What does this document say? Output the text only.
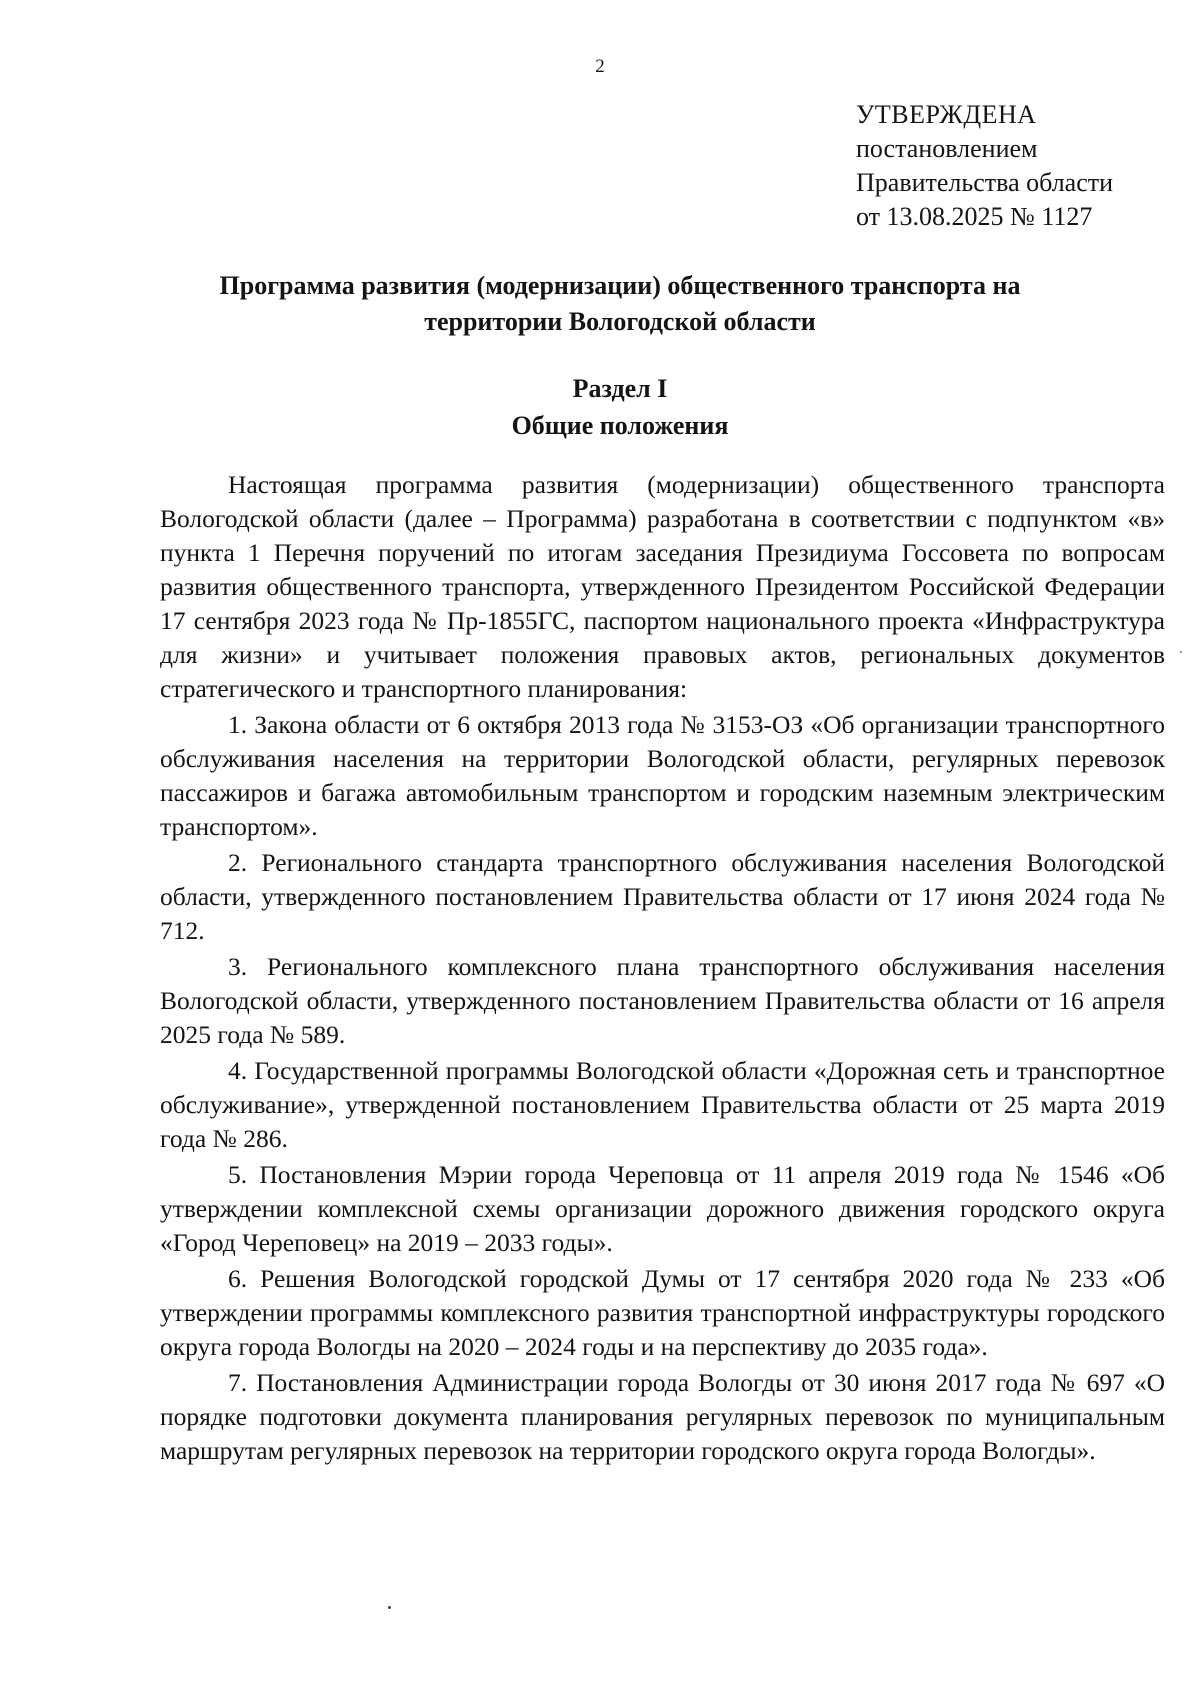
2
УТВЕРЖДЕНА
постановлением
Правительства области
от 13.08.2025 № 1127
Программа развития (модернизации) общественного транспорта на
территории Вологодской области
Раздел I
Общие положения

Настоящая программа развития (модернизации) общественного транспорта Вологодской области (далее – Программа) разработана в соответствии с подпунктом «в» пункта 1 Перечня поручений по итогам заседания Президиума Госсовета по вопросам развития общественного транспорта, утвержденного Президентом Российской Федерации 17 сентября 2023 года № Пр-1855ГС, паспортом национального проекта «Инфраструктура для жизни» и учитывает положения правовых актов, региональных документов стратегического и транспортного планирования:

1. Закона области от 6 октября 2013 года № 3153-ОЗ «Об организации транспортного обслуживания населения на территории Вологодской области, регулярных перевозок пассажиров и багажа автомобильным транспортом и городским наземным электрическим транспортом».

2. Регионального стандарта транспортного обслуживания населения Вологодской области, утвержденного постановлением Правительства области от 17 июня 2024 года № 712.

3. Регионального комплексного плана транспортного обслуживания населения Вологодской области, утвержденного постановлением Правительства области от 16 апреля 2025 года № 589.

4. Государственной программы Вологодской области «Дорожная сеть и транспортное обслуживание», утвержденной постановлением Правительства области от 25 марта 2019 года № 286.

5. Постановления Мэрии города Череповца от 11 апреля 2019 года № 1546 «Об утверждении комплексной схемы организации дорожного движения городского округа «Город Череповец» на 2019 – 2033 годы».

6. Решения Вологодской городской Думы от 17 сентября 2020 года № 233 «Об утверждении программы комплексного развития транспортной инфраструктуры городского округа города Вологды на 2020 – 2024 годы и на перспективу до 2035 года».

7. Постановления Администрации города Вологды от 30 июня 2017 года № 697 «О порядке подготовки документа планирования регулярных перевозок по муниципальным маршрутам регулярных перевозок на территории городского округа города Вологды».
